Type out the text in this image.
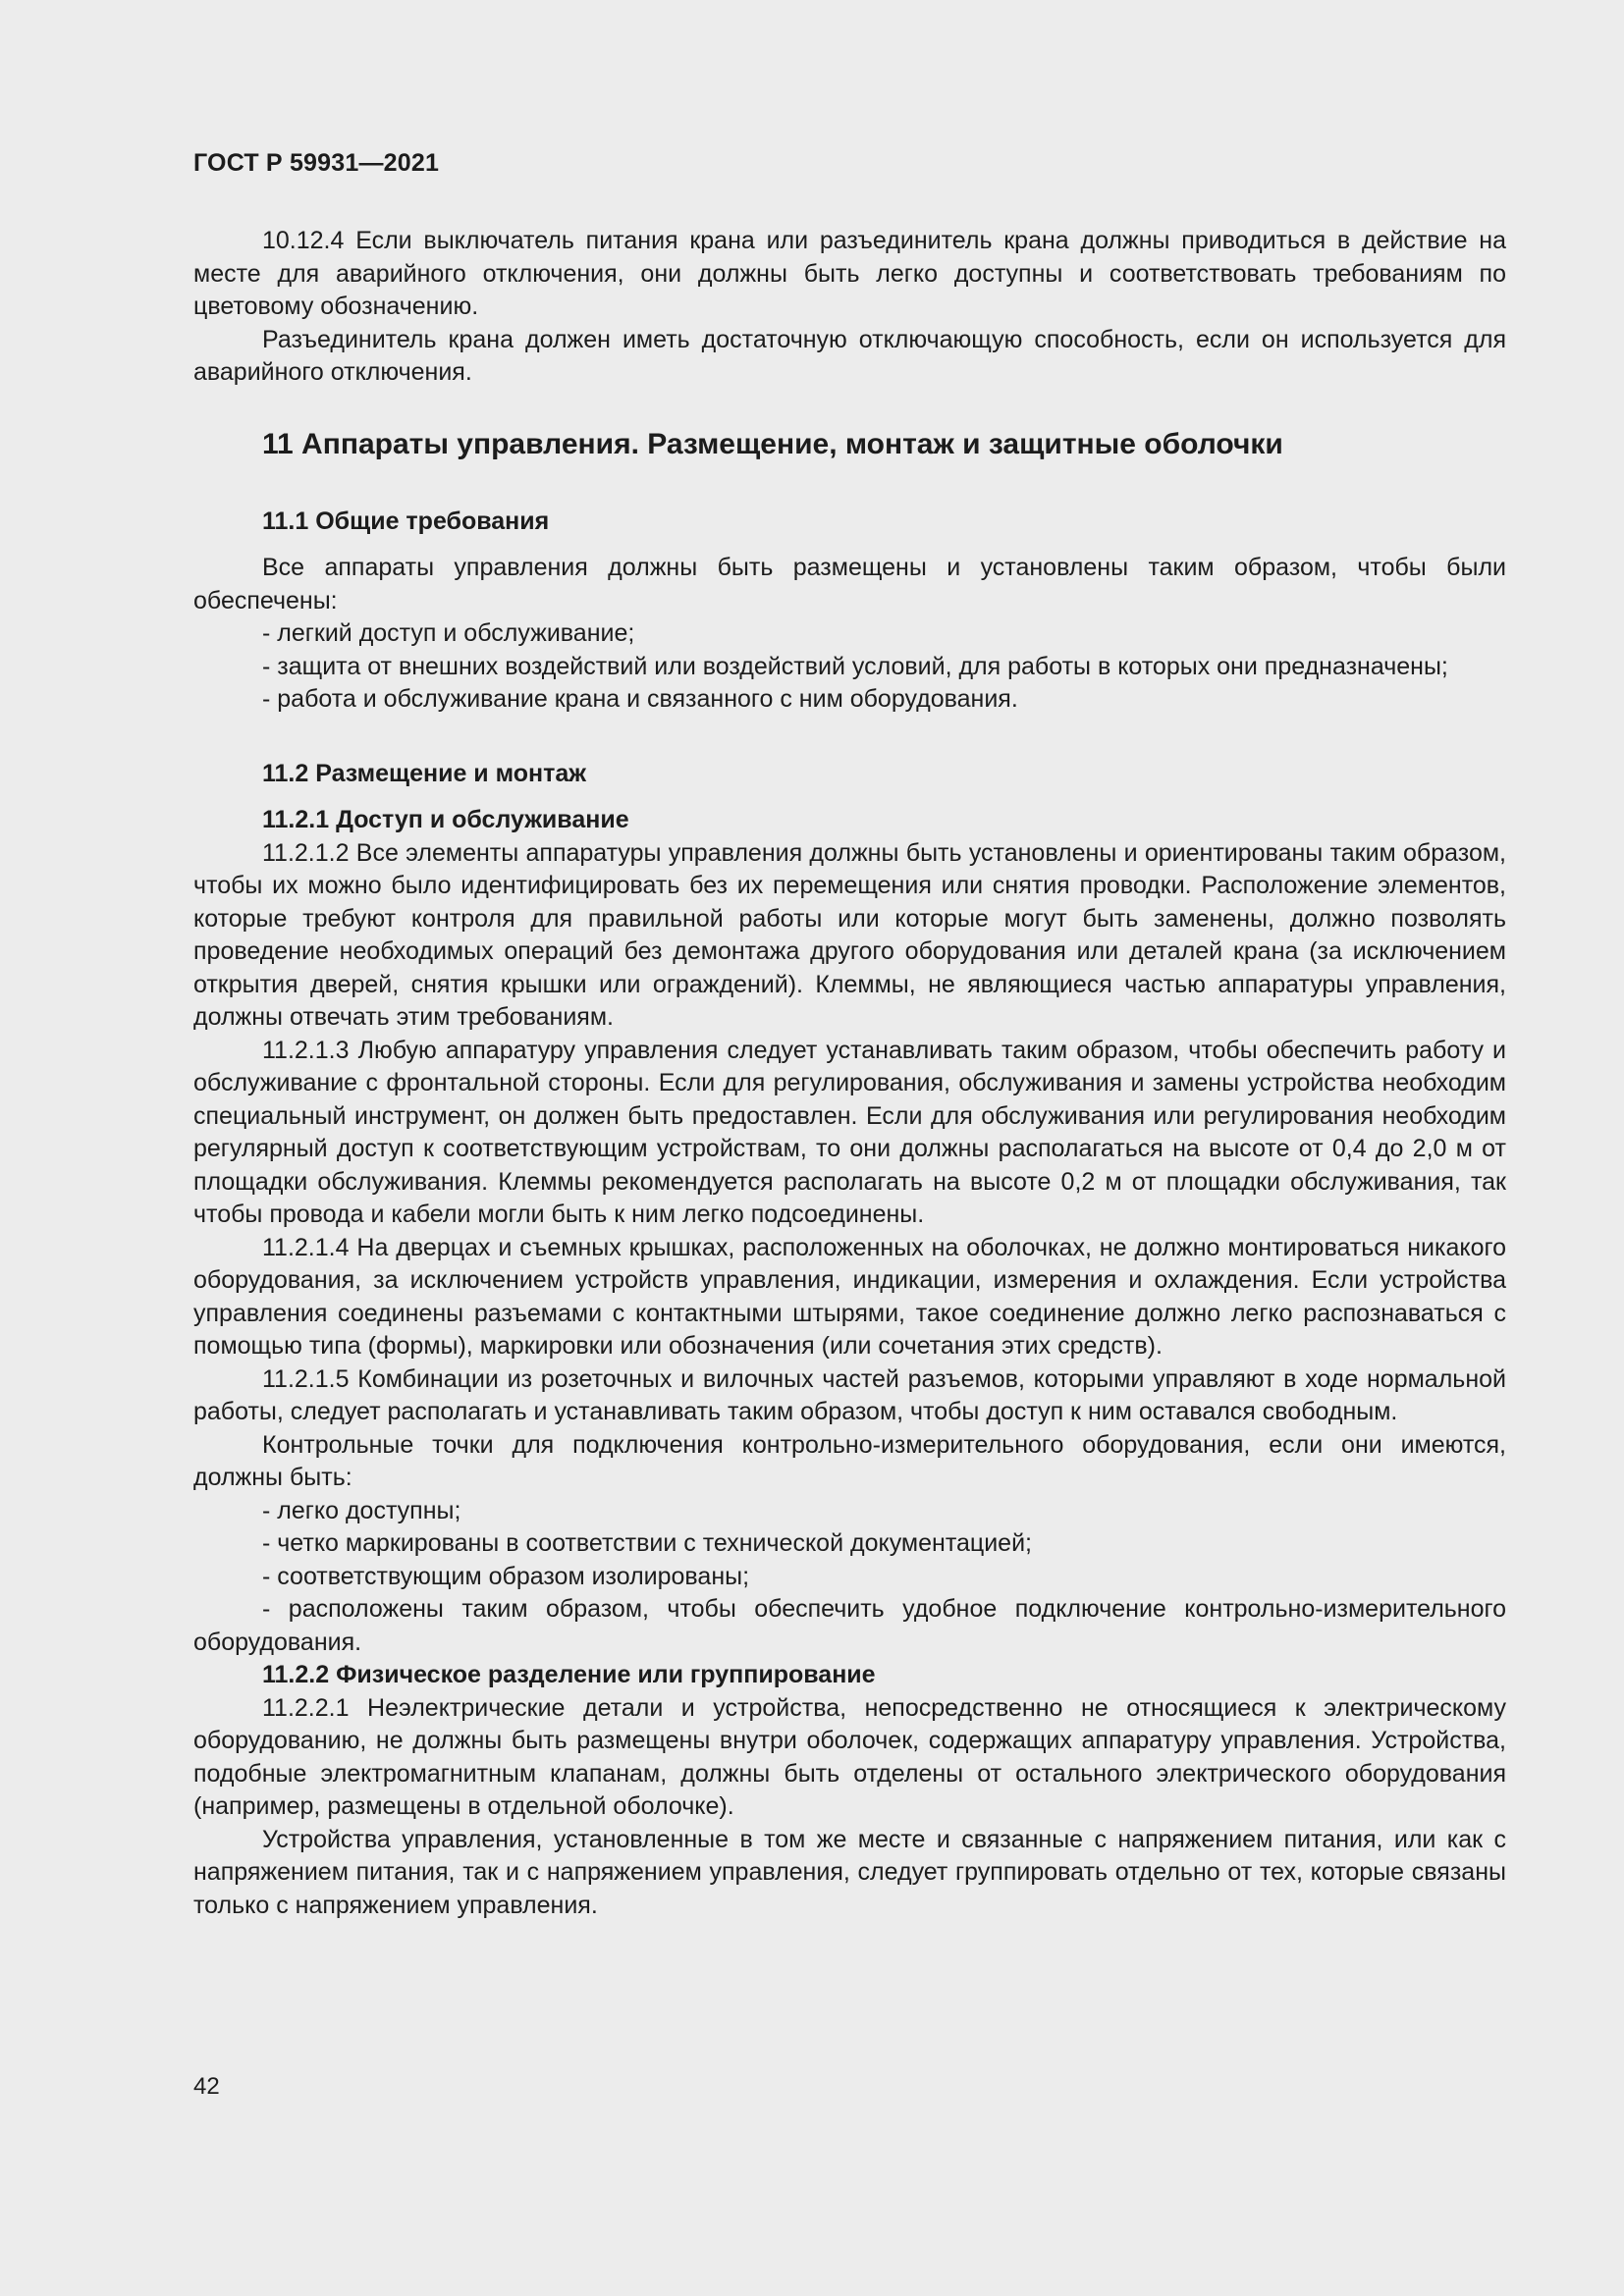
ГОСТ Р 59931—2021

10.12.4 Если выключатель питания крана или разъединитель крана должны приводиться в действие на месте для аварийного отключения, они должны быть легко доступны и соответствовать требованиям по цветовому обозначению.

Разъединитель крана должен иметь достаточную отключающую способность, если он используется для аварийного отключения.

11 Аппараты управления. Размещение, монтаж и защитные оболочки
11.1 Общие требования

Все аппараты управления должны быть размещены и установлены таким образом, чтобы были обеспечены:

- легкий доступ и обслуживание;

- защита от внешних воздействий или воздействий условий, для работы в которых они предназначены;

- работа и обслуживание крана и связанного с ним оборудования.

11.2 Размещение и монтаж
11.2.1 Доступ и обслуживание

11.2.1.2 Все элементы аппаратуры управления должны быть установлены и ориентированы таким образом, чтобы их можно было идентифицировать без их перемещения или снятия проводки. Расположение элементов, которые требуют контроля для правильной работы или которые могут быть заменены, должно позволять проведение необходимых операций без демонтажа другого оборудования или деталей крана (за исключением открытия дверей, снятия крышки или ограждений). Клеммы, не являющиеся частью аппаратуры управления, должны отвечать этим требованиям.

11.2.1.3 Любую аппаратуру управления следует устанавливать таким образом, чтобы обеспечить работу и обслуживание с фронтальной стороны. Если для регулирования, обслуживания и замены устройства необходим специальный инструмент, он должен быть предоставлен. Если для обслуживания или регулирования необходим регулярный доступ к соответствующим устройствам, то они должны располагаться на высоте от 0,4 до 2,0 м от площадки обслуживания. Клеммы рекомендуется располагать на высоте 0,2 м от площадки обслуживания, так чтобы провода и кабели могли быть к ним легко подсоединены.

11.2.1.4 На дверцах и съемных крышках, расположенных на оболочках, не должно монтироваться никакого оборудования, за исключением устройств управления, индикации, измерения и охлаждения. Если устройства управления соединены разъемами с контактными штырями, такое соединение должно легко распознаваться с помощью типа (формы), маркировки или обозначения (или сочетания этих средств).

11.2.1.5 Комбинации из розеточных и вилочных частей разъемов, которыми управляют в ходе нормальной работы, следует располагать и устанавливать таким образом, чтобы доступ к ним оставался свободным.

Контрольные точки для подключения контрольно-измерительного оборудования, если они имеются, должны быть:

- легко доступны;

- четко маркированы в соответствии с технической документацией;

- соответствующим образом изолированы;

- расположены таким образом, чтобы обеспечить удобное подключение контрольно-измерительного оборудования.

11.2.2 Физическое разделение или группирование

11.2.2.1 Неэлектрические детали и устройства, непосредственно не относящиеся к электрическому оборудованию, не должны быть размещены внутри оболочек, содержащих аппаратуру управления. Устройства, подобные электромагнитным клапанам, должны быть отделены от остального электрического оборудования (например, размещены в отдельной оболочке).

Устройства управления, установленные в том же месте и связанные с напряжением питания, или как с напряжением питания, так и с напряжением управления, следует группировать отдельно от тех, которые связаны только с напряжением управления.

42
